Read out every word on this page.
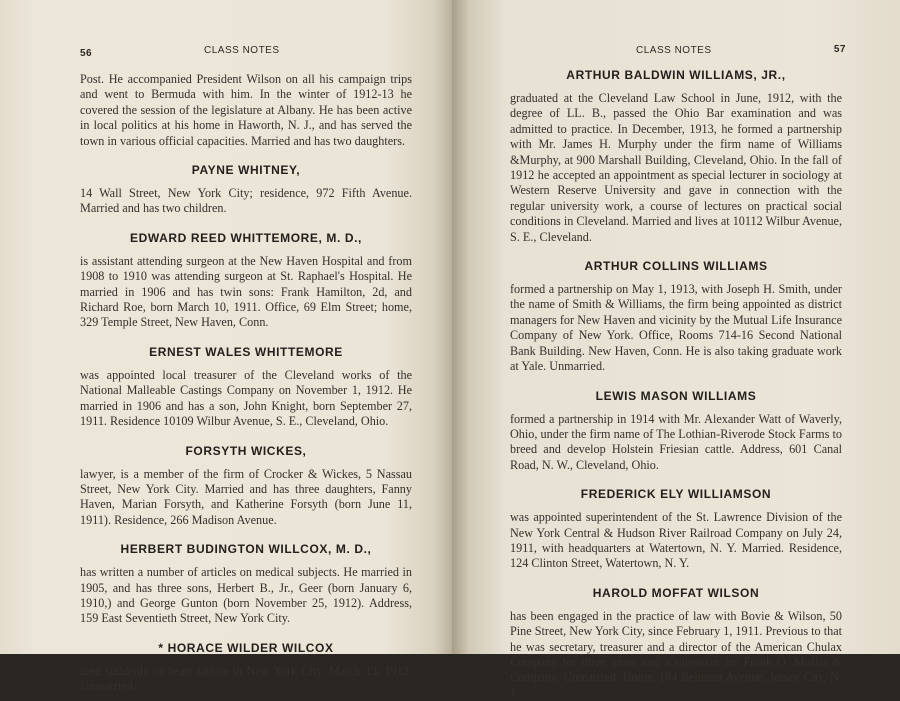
56	CLASS NOTES

Post. He accompanied President Wilson on all his campaign trips and went to Bermuda with him. In the winter of 1912-13 he covered the session of the legislature at Albany. He has been active in local politics at his home in Haworth, N. J., and has served the town in various official capacities. Married and has two daughters.

PAYNE WHITNEY,

14 Wall Street, New York City; residence, 972 Fifth Avenue. Married and has two children.

EDWARD REED WHITTEMORE, M. D.,

is assistant attending surgeon at the New Haven Hospital and from 1908 to 1910 was attending surgeon at St. Raphael's Hospital. He married in 1906 and has twin sons: Frank Hamilton, 2d, and Richard Roe, born March 10, 1911. Office, 69 Elm Street; home, 329 Temple Street, New Haven, Conn.

ERNEST WALES WHITTEMORE

was appointed local treasurer of the Cleveland works of the National Malleable Castings Company on November 1, 1912. He married in 1906 and has a son, John Knight, born September 27, 1911. Residence 10109 Wilbur Avenue, S. E., Cleveland, Ohio.

FORSYTH WICKES,

lawyer, is a member of the firm of Crocker & Wickes, 5 Nassau Street, New York City. Married and has three daughters, Fanny Haven, Marian Forsyth, and Katherine Forsyth (born June 11, 1911). Residence, 266 Madison Avenue.

HERBERT BUDINGTON WILLCOX, M. D.,

has written a number of articles on medical subjects. He married in 1905, and has three sons, Herbert B., Jr., Geer (born January 6, 1910,) and George Gunton (born November 25, 1912). Address, 159 East Seventieth Street, New York City.

* HORACE WILDER WILCOX

died suddenly of heart failure in New York City, March 13, 1912. Unmarried.

CLASS NOTES	57
ARTHUR BALDWIN WILLIAMS, JR.,

graduated at the Cleveland Law School in June, 1912, with the degree of LL. B., passed the Ohio Bar examination and was admitted to practice. In December, 1913, he formed a partnership with Mr. James H. Murphy under the firm name of Williams &Murphy, at 900 Marshall Building, Cleveland, Ohio. In the fall of 1912 he accepted an appointment as special lecturer in sociology at Western Reserve University and gave in connection with the regular university work, a course of lectures on practical social conditions in Cleveland. Married and lives at 10112 Wilbur Avenue, S. E., Cleveland.

ARTHUR COLLINS WILLIAMS

formed a partnership on May 1, 1913, with Joseph H. Smith, under the name of Smith & Williams, the firm being appointed as district managers for New Haven and vicinity by the Mutual Life Insurance Company of New York. Office, Rooms 714-16 Second National Bank Building. New Haven, Conn. He is also taking graduate work at Yale. Unmarried.

LEWIS MASON WILLIAMS

formed a partnership in 1914 with Mr. Alexander Watt of Waverly, Ohio, under the firm name of The Lothian-Riverode Stock Farms to breed and develop Holstein Friesian cattle. Address, 601 Canal Road, N. W., Cleveland, Ohio.

FREDERICK ELY WILLIAMSON

was appointed superintendent of the St. Lawrence Division of the New York Central & Hudson River Railroad Company on July 24, 1911, with headquarters at Watertown, N. Y. Married. Residence, 124 Clinton Street, Watertown, N. Y.

HAROLD MOFFAT WILSON

has been engaged in the practice of law with Bovie & Wilson, 50 Pine Street, New York City, since February 1, 1911. Previous to that he was secretary, treasurer and a director of the American Chulax Company for three years and a salesman for Frank O. Moffat & Company. Unmarried. Home, 104 Belmont Avenue, Jersey City, N. J.
